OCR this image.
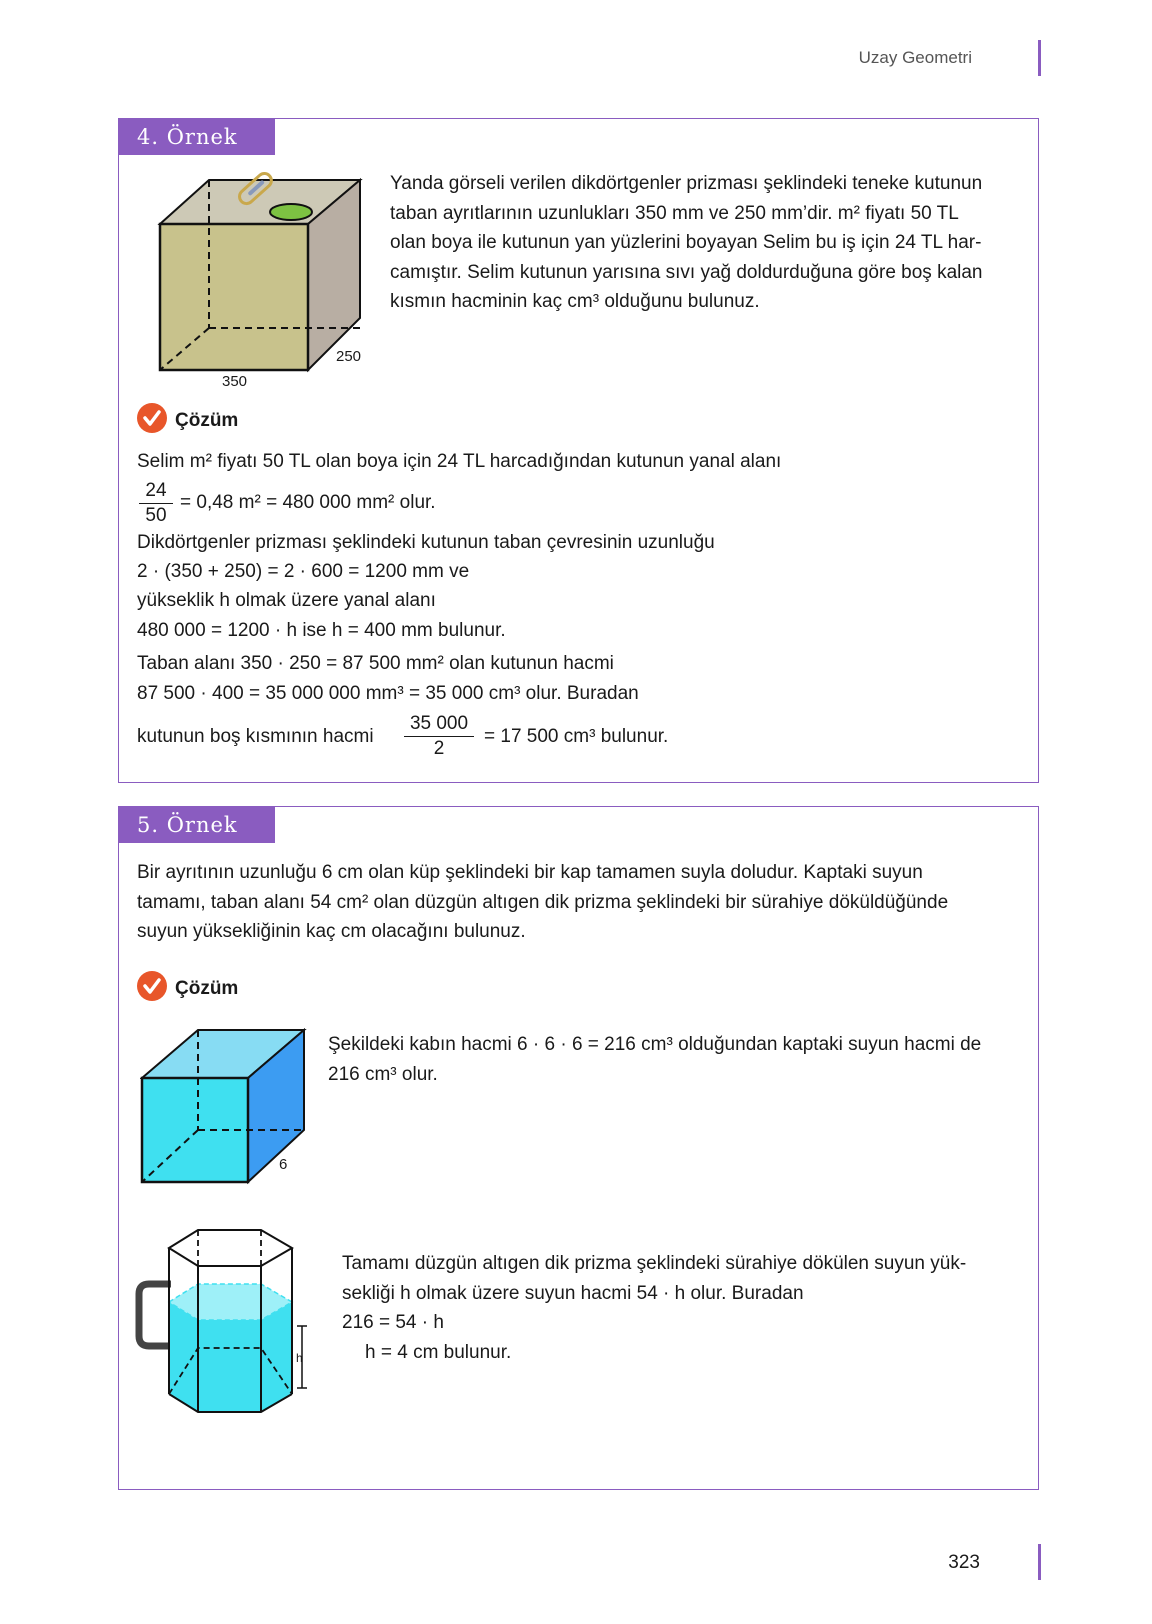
Uzay Geometri
4. Örnek
350
250
Yanda görseli verilen dikdörtgenler prizması şeklindeki teneke kutunun
taban ayrıtlarının uzunlukları 350 mm ve 250 mm’dir. m² fiyatı 50 TL
olan boya ile kutunun yan yüzlerini boyayan Selim bu iş için 24 TL har-
camıştır. Selim kutunun yarısına sıvı yağ doldurduğuna göre boş kalan
kısmın hacminin kaç cm³ olduğunu bulunuz.
Çözüm
Selim m² fiyatı 50 TL olan boya için 24 TL harcadığından kutunun yanal alanı
$\frac{24}{50} = 0,48$ m² = 480 000 mm² olur.
Dikdörtgenler prizması şeklindeki kutunun taban çevresinin uzunluğu
2 · (350 + 250) = 2 · 600 = 1200 mm ve
yükseklik h olmak üzere yanal alanı
480 000 = 1200 · h ise h = 400 mm bulunur.
Taban alanı 350 · 250 = 87 500 mm² olan kutunun hacmi
87 500 · 400 = 35 000 000 mm³ = 35 000 cm³ olur. Buradan
kutunun boş kısmının hacmi $\frac{35 000}{2} = 17$ 500 cm³ bulunur.
5. Örnek
Bir ayrıtının uzunluğu 6 cm olan küp şeklindeki bir kap tamamen suyla doludur. Kaptaki suyun
tamamı, taban alanı 54 cm² olan düzgün altıgen dik prizma şeklindeki bir sürahiye döküldüğünde
suyun yüksekliğinin kaç cm olacağını bulunuz.
Çözüm
6
Şekildeki kabın hacmi 6 · 6 · 6 = 216 cm³ olduğundan kaptaki suyun hacmi de
216 cm³ olur.
h
Tamamı düzgün altıgen dik prizma şeklindeki sürahiye dökülen suyun yük-
sekliği h olmak üzere suyun hacmi 54 · h olur. Buradan
216 = 54 · h
h = 4 cm bulunur.
323
